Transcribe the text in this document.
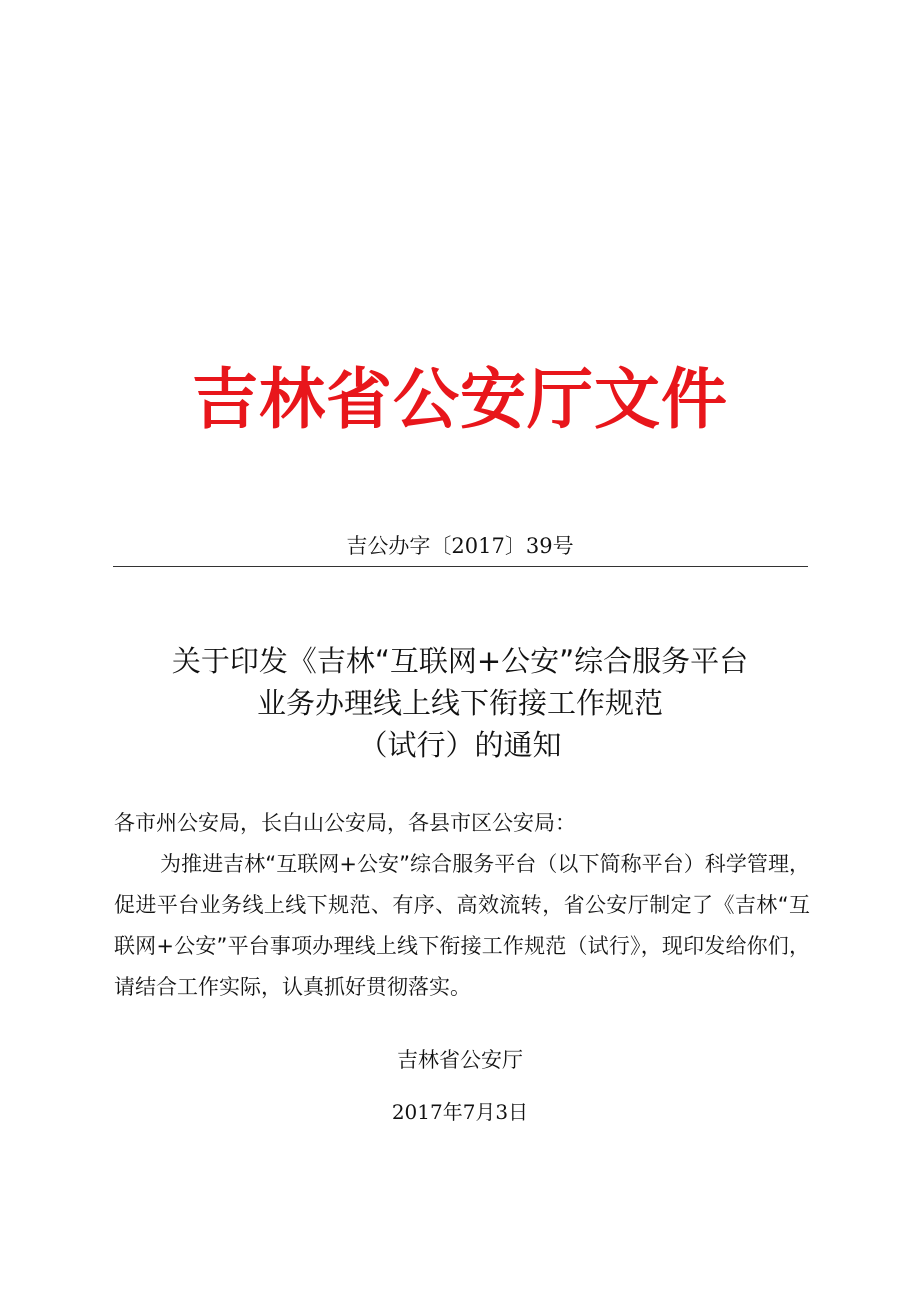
吉林省公安厅文件
吉公办字〔2017〕39号
关于印发《吉林“互联网+公安”综合服务平台
业务办理线上线下衔接工作规范
（试行）的通知
各市州公安局，长白山公安局，各县市区公安局：
为推进吉林“互联网+公安”综合服务平台（以下简称平台）科学管理，促进平台业务线上线下规范、有序、高效流转，省公安厅制定了《吉林“互联网+公安”平台事项办理线上线下衔接工作规范（试行》，现印发给你们，请结合工作实际，认真抓好贯彻落实。
吉林省公安厅
2017年7月3日
